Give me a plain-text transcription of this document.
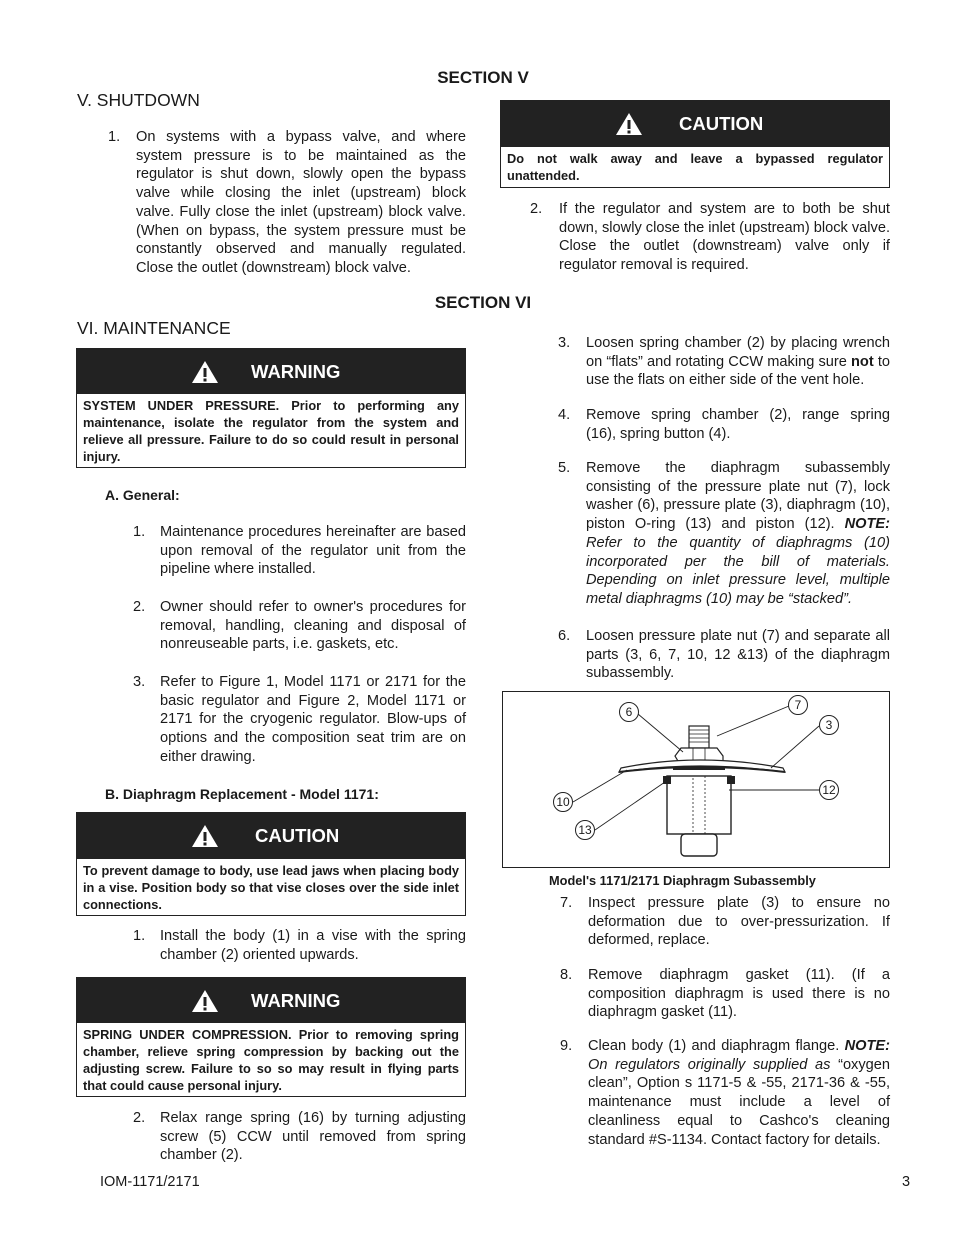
SECTION V
V. SHUTDOWN
1. On systems with a bypass valve, and where system pressure is to be maintained as the regulator is shut down, slowly open the bypass valve while closing the inlet (upstream) block valve. Fully close the inlet (upstream) block valve. (When on bypass, the system pressure must be constantly observed and manually regulated. Close the outlet (downstream) block valve.
CAUTION
Do not walk away and leave a bypassed regulator unattended.
2. If the regulator and system are to both be shut down, slowly close the inlet (upstream) block valve. Close the outlet (downstream) valve only if regulator removal is required.
SECTION VI
VI. MAINTENANCE
WARNING
SYSTEM UNDER PRESSURE. Prior to performing any maintenance, isolate the regulator from the system and relieve all pressure. Failure to do so could result in personal injury.
A. General:
1. Maintenance procedures hereinafter are based upon removal of the regulator unit from the pipeline where installed.
2. Owner should refer to owner's procedures for removal, handling, cleaning and disposal of nonreuseable parts, i.e. gaskets, etc.
3. Refer to Figure 1, Model 1171 or 2171 for the basic regulator and Figure 2, Model 1171 or 2171 for the cryogenic regulator. Blow-ups of options and the composition seat trim are on either drawing.
B. Diaphragm Replacement - Model 1171:
CAUTION
To prevent damage to body, use lead jaws when placing body in a vise. Position body so that vise closes over the side inlet connections.
1. Install the body (1) in a vise with the spring chamber (2) oriented upwards.
WARNING
SPRING UNDER COMPRESSION. Prior to removing spring chamber, relieve spring compression by backing out the adjusting screw. Failure to so so may result in flying parts that could cause personal injury.
2. Relax range spring (16) by turning adjusting screw (5) CCW until removed from spring chamber (2).
3. Loosen spring chamber (2) by placing wrench on “flats” and rotating CCW making sure not to use the flats on either side of the vent hole.
4. Remove spring chamber (2), range spring (16), spring button (4).
5. Remove the diaphragm subassembly consisting of the pressure plate nut (7), lock washer (6), pressure plate (3), diaphragm (10), piston O-ring (13) and piston (12). NOTE: Refer to the quantity of diaphragms (10) incorporated per the bill of materials. Depending on inlet pressure level, multiple metal diaphragms (10) may be “stacked”.
6. Loosen pressure plate nut (7) and separate all parts (3, 6, 7, 10, 12 &13) of the diaphragm subassembly.
6	7
3
12
10
13
Model's 1171/2171 Diaphragm Subassembly
7. Inspect pressure plate (3) to ensure no deformation due to over-pressurization. If deformed, replace.
8. Remove diaphragm gasket (11). (If a composition diaphragm is used there is no diaphragm gasket (11).
9. Clean body (1) and diaphragm flange. NOTE: On regulators originally supplied as “oxygen clean”, Option s 1171-5 & -55, 2171-36 & -55, maintenance must include a level of cleanliness equal to Cashco's cleaning standard #S-1134. Contact factory for details.
IOM-1171/2171	3
